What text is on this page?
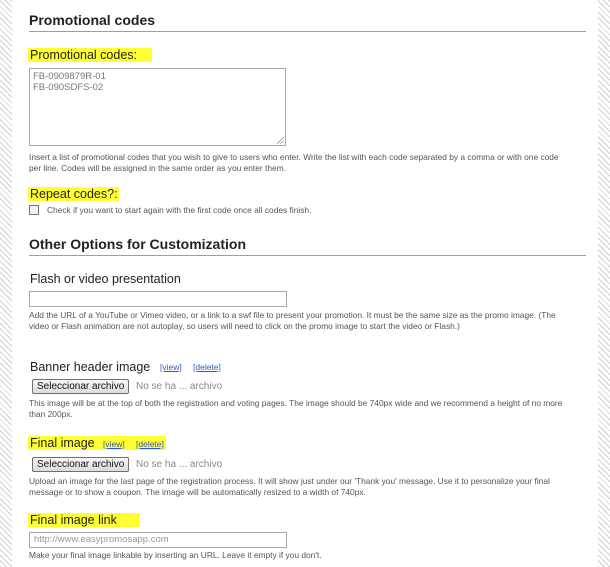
Promotional codes
Promotional codes:
FB-0909879R-01
FB-090SDFS-02
Insert a list of promotional codes that you wish to give to users who enter. Write the list with each code separated by a comma or with one code per line. Codes will be assigned in the same order as you enter them.
Repeat codes?:
Check if you want to start again with the first code once all codes finish.
Other Options for Customization
Flash or video presentation
Add the URL of a YouTube or Vimeo video, or a link to a swf file to present your promotion. It must be the same size as the promo image. (The video or Flash animation are not autoplay, so users will need to click on the promo image to start the video or Flash.)
Banner header image [view] [delete]
Seleccionar archivo	No se ha ... archivo
This image will be at the top of both the registration and voting pages. The image should be 740px wide and we recommend a height of no more than 200px.
Final image [view] [delete]
Seleccionar archivo	No se ha ... archivo
Upload an image for the last page of the registration process. It will show just under our 'Thank you' message. Use it to personalize your final message or to show a coupon. The image will be automatically resized to a width of 740px.
Final image link
http://www.easypromosapp.com
Make your final image linkable by inserting an URL. Leave it empty if you don't.
